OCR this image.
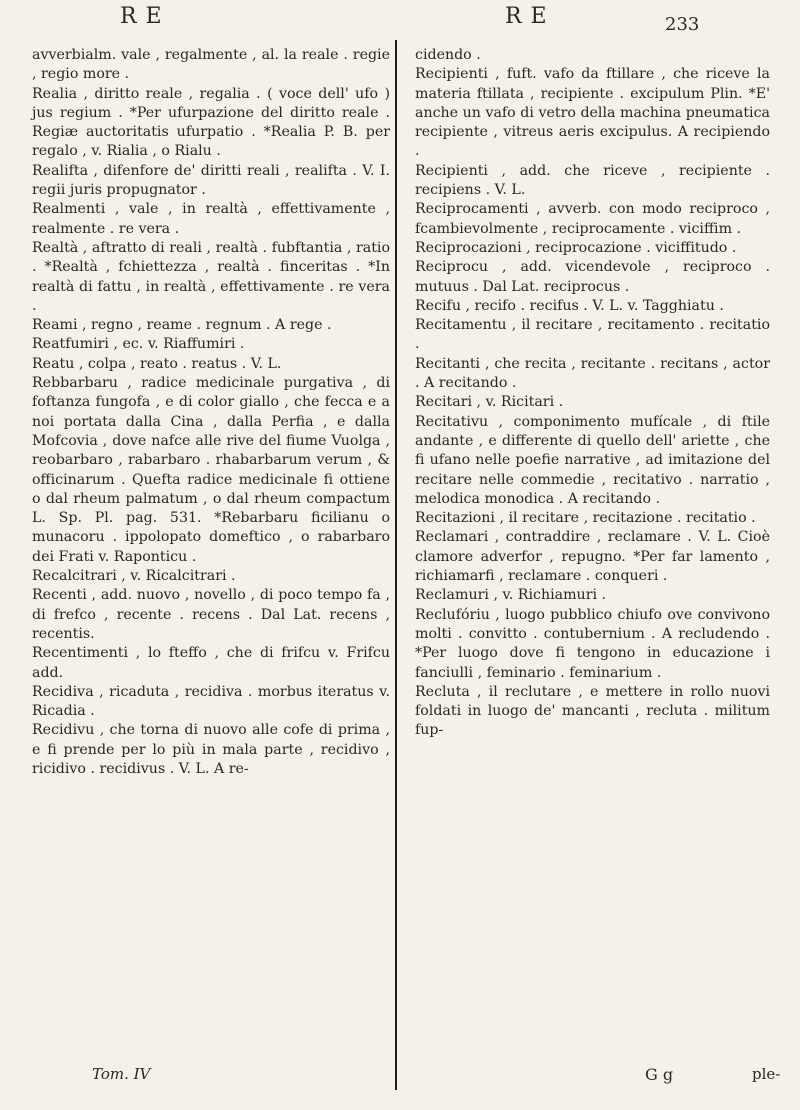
R E	R E	233

avverbialm. vale , regalmente , al. la reale . regie , regio more .

Realia , diritto reale , regalia . ( voce dell' ufo ) jus regium . *Per ufurpazione del diritto reale . Regiæ auctoritatis ufurpatio . *Realia P. B. per regalo , v. Rialia , o Rialu .

Realifta , difenfore de' diritti reali , realifta . V. I. regii juris propugnator .

Realmenti , vale , in realtà , effettivamente , realmente . re vera .

Realtà , aftratto di reali , realtà . fubftantia , ratio . *Realtà , fchiettezza , realtà . finceritas . *In realtà di fattu , in realtà , effettivamente . re vera .

Reami , regno , reame . regnum . A rege .

Reatfumiri , ec. v. Riaffumiri .

Reatu , colpa , reato . reatus . V. L.

Rebbarbaru , radice medicinale purgativa , di foftanza fungofa , e di color giallo , che fecca e a noi portata dalla Cina , dalla Perfia , e dalla Mofcovia , dove nafce alle rive del fiume Vuolga , reobarbaro , rabarbaro . rhabarbarum verum , & officinarum . Quefta radice medicinale fi ottiene o dal rheum palmatum , o dal rheum compactum L. Sp. Pl. pag. 531. *Rebarbaru ficilianu o munacoru . ippolopato domeftico , o rabarbaro dei Frati v. Raponticu .

Recalcitrari , v. Ricalcitrari .

Recenti , add. nuovo , novello , di poco tempo fa , di frefco , recente . recens . Dal Lat. recens , recentis.

Recentimenti , lo fteffo , che di frifcu v. Frifcu add.

Recidiva , ricaduta , recidiva . morbus iteratus v. Ricadia .

Recidivu , che torna di nuovo alle cofe di prima , e fi prende per lo più in mala parte , recidivo , ricidivo . recidivus . V. L. A re-

cidendo .

Recipienti , fuft. vafo da ftillare , che riceve la materia ftillata , recipiente . excipulum Plin. *E' anche un vafo di vetro della machina pneumatica recipiente , vitreus aeris excipulus. A recipiendo .

Recipienti , add. che riceve , recipiente . recipiens . V. L.

Reciprocamenti , avverb. con modo reciproco , fcambievolmente , reciprocamente . viciffim .

Reciprocazioni , reciprocazione . viciffitudo .

Reciprocu , add. vicendevole , reciproco . mutuus . Dal Lat. reciprocus .

Recifu , recifo . recifus . V. L. v. Tagghiatu .

Recitamentu , il recitare , recitamento . recitatio .

Recitanti , che recita , recitante . recitans , actor . A recitando .

Recitari , v. Ricitari .

Recitativu , componimento mufícale , di ftile andante , e differente di quello dell' ariette , che fi ufano nelle poefie narrative , ad imitazione del recitare nelle commedie , recitativo . narratio , melodica monodica . A recitando .

Recitazioni , il recitare , recitazione . recitatio .

Reclamari , contraddire , reclamare . V. L. Cioè clamore adverfor , repugno. *Per far lamento , richiamarfi , reclamare . conqueri .

Reclamuri , v. Richiamuri .

Reclufóriu , luogo pubblico chiufo ove convivono molti . convitto . contubernium . A recludendo . *Per luogo dove fi tengono in educazione i fanciulli , feminario . feminarium .

Recluta , il reclutare , e mettere in rollo nuovi foldati in luogo de' mancanti , recluta . militum fup-

Tom. IV	G g	ple-
